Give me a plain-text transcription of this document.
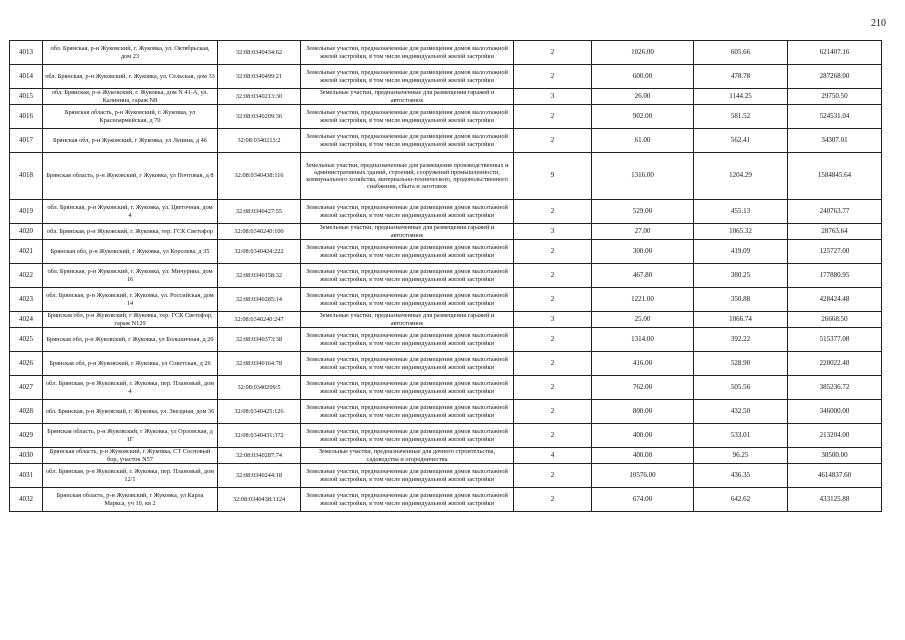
210
4013	обл. Брянская, р-н Жуковский, г. Жуковка, ул. Октябрьская, дом 23	32:08:0340434:62	Земельные участки, предназначенные для размещения домов малоэтажной жилой застройки, в том числе индивидуальной жилой застройки	2	1026.00	605.66	621407.16
4014	обл. Брянская, р-н Жуковский, г. Жуковка, ул. Сельская, дом 33	32:08:0340499:21	Земельные участки, предназначенные для размещения домов малоэтажной жилой застройки, в том числе индивидуальной жилой застройки	2	600.00	478.78	287268.00
4015	обл. Брянская, р-н Жуковский, г. Жуковка, дом N 41-А, ул. Калинина, гараж N8	32:08:0340213:30	Земельные участки, предназначенные для размещения гаражей и автостоянок	3	26.00	1144.25	29750.50
4016	Брянская область, р-н Жуковский, г. Жуковка, ул Красноармейская, д 70	32:08:0340209:36	Земельные участки, предназначенные для размещения домов малоэтажной жилой застройки, в том числе индивидуальной жилой застройки	2	902.00	581.52	524531.04
4017	Брянская обл, р-н Жуковский, г Жуковка, ул Ленина, д 46	32:08:0340213:2	Земельные участки, предназначенные для размещения домов малоэтажной жилой застройки, в том числе индивидуальной жилой застройки	2	61.00	562.41	34307.01
4018	Брянская область, р-н Жуковский, г Жуковка, ул Почтовая, д 8	32:08:0340438:116	Земельные участки, предназначенные для размещения производственных и административных зданий, строений, сооружений промышленности, коммунального хозяйства, материально-технического, продовольственного снабжения, сбыта и заготовок	9	1316.00	1204.29	1584845.64
4019	обл. Брянская, р-н Жуковский, г. Жуковка, ул. Цветочная, дом 4	32:08:0340427:55	Земельные участки, предназначенные для размещения домов малоэтажной жилой застройки, в том числе индивидуальной жилой застройки	2	529.00	455.13	240763.77
4020	обл. Брянская, р-н Жуковский, г. Жуковка, тер. ГСК Светофор	32:08:0340240:100	Земельные участки, предназначенные для размещения гаражей и автостоянок	3	27.00	1065.32	28763.64
4021	Брянская обл, р-н Жуковский, г Жуковка, ул Королева, д 35	32:08:0340424:222	Земельные участки, предназначенные для размещения домов малоэтажной жилой застройки, в том числе индивидуальной жилой застройки	2	300.00	419.09	125727.00
4022	обл. Брянская, р-н Жуковский, г. Жуковка, ул. Мичурина, дом 16	32:08:0340158:32	Земельные участки, предназначенные для размещения домов малоэтажной жилой застройки, в том числе индивидуальной жилой застройки	2	467.80	380.25	177880.95
4023	обл. Брянская, р-н Жуковский, г. Жуковка, ул. Российская, дом 14	32:08:0340285:14	Земельные участки, предназначенные для размещения домов малоэтажной жилой застройки, в том числе индивидуальной жилой застройки	2	1221.00	350.88	428424.48
4024	Брянская обл, р-н Жуковский, г Жуковка, тер. ГСК Светофор, гараж N129	32:08:0340240:247	Земельные участки, предназначенные для размещения гаражей и автостоянок	3	25.00	1066.74	26668.50
4025	Брянская обл, р-н Жуковский, г Жуковка, ул Большичная, д 20	32:08:0340373:38	Земельные участки, предназначенные для размещения домов малоэтажной жилой застройки, в том числе индивидуальной жилой застройки	2	1314.00	392.22	515377.08
4026	Брянская обл, р-н Жуковский, г Жуковка, ул Советская, д 26	32:08:0340164:78	Земельные участки, предназначенные для размещения домов малоэтажной жилой застройки, в том числе индивидуальной жилой застройки	2	416.00	528.90	220022.40
4027	обл. Брянская, р-н Жуковский, г. Жуковка, пер. Плановый, дом 4	32:08:0340209:5	Земельные участки, предназначенные для размещения домов малоэтажной жилой застройки, в том числе индивидуальной жилой застройки	2	762.00	505.56	385236.72
4028	обл. Брянская, р-н Жуковский, г. Жуковка, ул. Звездная, дом 36	32:08:0340425:126	Земельные участки, предназначенные для размещения домов малоэтажной жилой застройки, в том числе индивидуальной жилой застройки	2	800.00	432.50	346000.00
4029	Брянская область, р-н Жуковский, г Жуковка, ул Орловская, д 1Г	32:08:0340431:372	Земельные участки, предназначенные для размещения домов малоэтажной жилой застройки, в том числе индивидуальной жилой застройки	2	400.00	533.01	213204.00
4030	Брянская область, р-н Жуковский, г Жуковка, СТ Сосновый бор, участок N57	32:08:0340287:74	Земельные участки, предназначенные для дачного строительства, садоводства и огородничества	4	400.00	96.25	38500.00
4031	обл. Брянская, р-н Жуковский, г. Жуковка, пер. Плановый, дом 12/1	32:08:0340244:18	Земельные участки, предназначенные для размещения домов малоэтажной жилой застройки, в том числе индивидуальной жилой застройки	2	10576.00	436.35	4614837.60
4032	Брянская область, р-н Жуковский, г Жуковка, ул Карла Маркса, уч 10, кв 2	32:08:0340438:1124	Земельные участки, предназначенные для размещения домов малоэтажной жилой застройки, в том числе индивидуальной жилой застройки	2	674.00	642.62	433125.88
